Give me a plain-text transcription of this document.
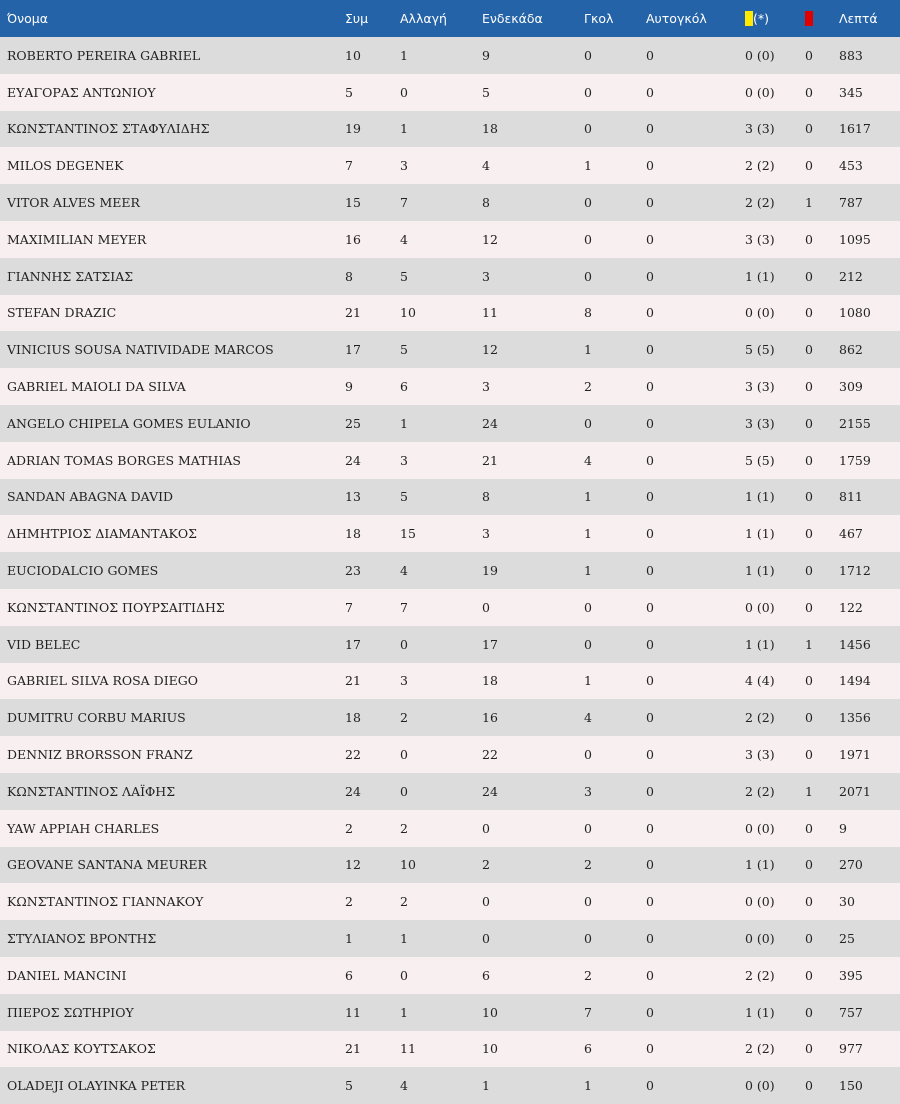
Όνομα	Συμ	Αλλαγή	Ενδεκάδα	Γκολ	Αυτογκόλ	(*)		Λεπτά
ROBERTO PEREIRA GABRIEL	10	1	9	0	0	0 (0)	0	883
ΕΥΑΓΟΡΑΣ ΑΝΤΩΝΙΟΥ	5	0	5	0	0	0 (0)	0	345
ΚΩΝΣΤΑΝΤΙΝΟΣ ΣΤΑΦΥΛΙΔΗΣ	19	1	18	0	0	3 (3)	0	1617
MILOS DEGENEK	7	3	4	1	0	2 (2)	0	453
VITOR ALVES MEER	15	7	8	0	0	2 (2)	1	787
MAXIMILIAN MEYER	16	4	12	0	0	3 (3)	0	1095
ΓΙΑΝΝΗΣ ΣΑΤΣΙΑΣ	8	5	3	0	0	1 (1)	0	212
STEFAN DRAZIC	21	10	11	8	0	0 (0)	0	1080
VINICIUS SOUSA NATIVIDADE MARCOS	17	5	12	1	0	5 (5)	0	862
GABRIEL MAIOLI DA SILVA	9	6	3	2	0	3 (3)	0	309
ANGELO CHIPELA GOMES EULANIO	25	1	24	0	0	3 (3)	0	2155
ADRIAN TOMAS BORGES MATHIAS	24	3	21	4	0	5 (5)	0	1759
SANDAN ABAGNA DAVID	13	5	8	1	0	1 (1)	0	811
ΔΗΜΗΤΡΙΟΣ ΔΙΑΜΑΝΤΑΚΟΣ	18	15	3	1	0	1 (1)	0	467
EUCIODALCIO GOMES	23	4	19	1	0	1 (1)	0	1712
ΚΩΝΣΤΑΝΤΙΝΟΣ ΠΟΥΡΣΑΙΤΙΔΗΣ	7	7	0	0	0	0 (0)	0	122
VID BELEC	17	0	17	0	0	1 (1)	1	1456
GABRIEL SILVA ROSA DIEGO	21	3	18	1	0	4 (4)	0	1494
DUMITRU CORBU MARIUS	18	2	16	4	0	2 (2)	0	1356
DENNIZ BRORSSON FRANZ	22	0	22	0	0	3 (3)	0	1971
ΚΩΝΣΤΑΝΤΙΝΟΣ ΛΑΪΦΗΣ	24	0	24	3	0	2 (2)	1	2071
YAW APPIAH CHARLES	2	2	0	0	0	0 (0)	0	9
GEOVANE SANTANA MEURER	12	10	2	2	0	1 (1)	0	270
ΚΩΝΣΤΑΝΤΙΝΟΣ ΓΙΑΝΝΑΚΟΥ	2	2	0	0	0	0 (0)	0	30
ΣΤΥΛΙΑΝΟΣ ΒΡΟΝΤΗΣ	1	1	0	0	0	0 (0)	0	25
DANIEL MANCINI	6	0	6	2	0	2 (2)	0	395
ΠΙΕΡΟΣ ΣΩΤΗΡΙΟΥ	11	1	10	7	0	1 (1)	0	757
ΝΙΚΟΛΑΣ ΚΟΥΤΣΑΚΟΣ	21	11	10	6	0	2 (2)	0	977
OLADEJI OLAYINKA PETER	5	4	1	1	0	0 (0)	0	150
